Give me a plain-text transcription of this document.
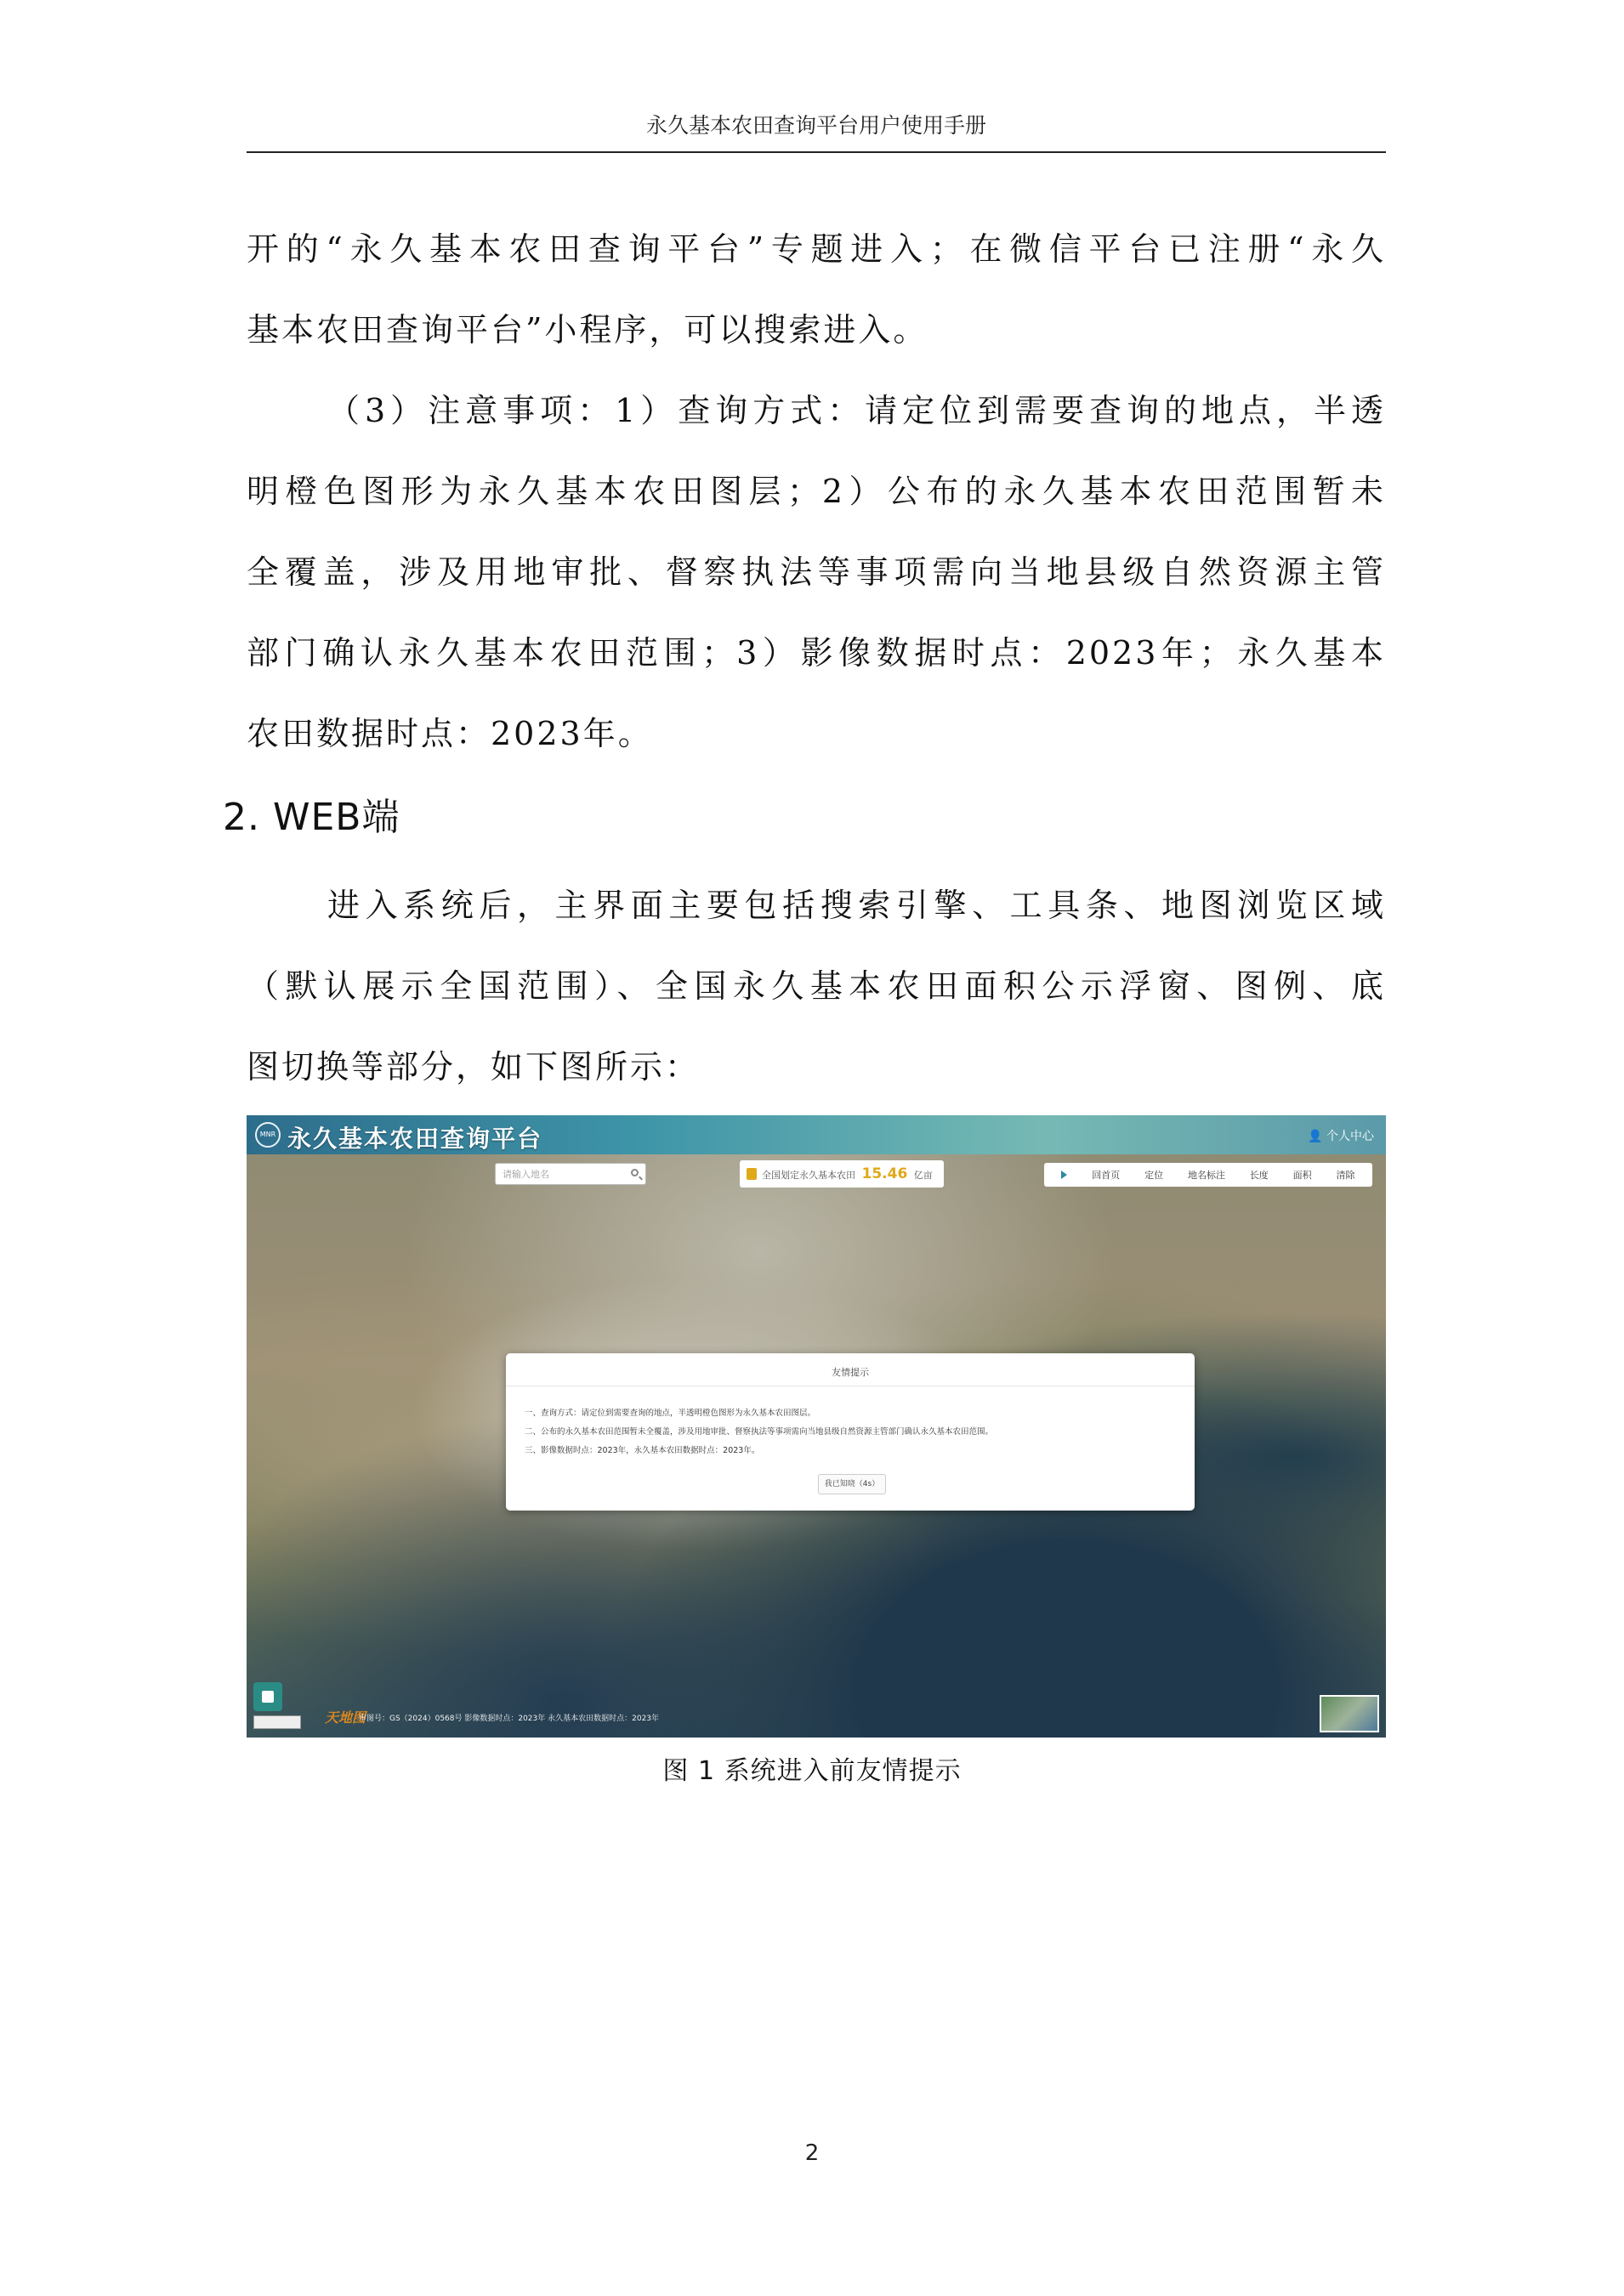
永久基本农田查询平台用户使用手册

开的“永久基本农田查询平台”专题进入；在微信平台已注册“永久

基本农田查询平台”小程序，可以搜索进入。

（3）注意事项：1）查询方式：请定位到需要查询的地点，半透

明橙色图形为永久基本农田图层；2）公布的永久基本农田范围暂未

全覆盖，涉及用地审批、督察执法等事项需向当地县级自然资源主管

部门确认永久基本农田范围；3）影像数据时点：2023年；永久基本

农田数据时点：2023年。

2. WEB端

进入系统后，主界面主要包括搜索引擎、工具条、地图浏览区域

（默认展示全国范围）、全国永久基本农田面积公示浮窗、图例、底

图切换等部分，如下图所示：

MNR 永久基本农田查询平台	👤 个人中心
请输入地名	全国划定永久基本农田 15.46 亿亩	回首页	定位	地名标注	长度	面积	清除
友情提示
一、查询方式：请定位到需要查询的地点，半透明橙色图形为永久基本农田图层。
二、公布的永久基本农田范围暂未全覆盖，涉及用地审批、督察执法等事项需向当地县级自然资源主管部门确认永久基本农田范围。
三、影像数据时点：2023年，永久基本农田数据时点：2023年。
我已知晓（4s）
天地图
审图号：GS（2024）0568号 影像数据时点：2023年 永久基本农田数据时点：2023年
图 1 系统进入前友情提示
2
